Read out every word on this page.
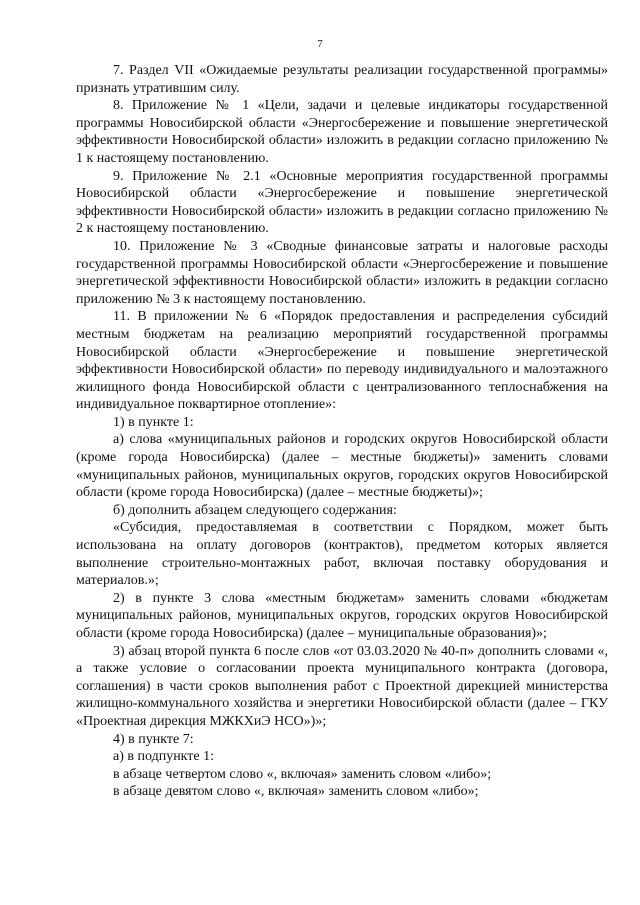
7

7. Раздел VII «Ожидаемые результаты реализации государственной программы» признать утратившим силу.

8. Приложение № 1 «Цели, задачи и целевые индикаторы государственной программы Новосибирской области «Энергосбережение и повышение энергетической эффективности Новосибирской области» изложить в редакции согласно приложению № 1 к настоящему постановлению.

9. Приложение № 2.1 «Основные мероприятия государственной программы Новосибирской области «Энергосбережение и повышение энергетической эффективности Новосибирской области» изложить в редакции согласно приложению № 2 к настоящему постановлению.

10. Приложение № 3 «Сводные финансовые затраты и налоговые расходы государственной программы Новосибирской области «Энергосбережение и повышение энергетической эффективности Новосибирской области» изложить в редакции согласно приложению № 3 к настоящему постановлению.

11. В приложении № 6 «Порядок предоставления и распределения субсидий местным бюджетам на реализацию мероприятий государственной программы Новосибирской области «Энергосбережение и повышение энергетической эффективности Новосибирской области» по переводу индивидуального и малоэтажного жилищного фонда Новосибирской области с централизованного теплоснабжения на индивидуальное поквартирное отопление»:

1) в пункте 1:

а) слова «муниципальных районов и городских округов Новосибирской области (кроме города Новосибирска) (далее – местные бюджеты)» заменить словами «муниципальных районов, муниципальных округов, городских округов Новосибирской области (кроме города Новосибирска) (далее – местные бюджеты)»;

б) дополнить абзацем следующего содержания:

«Субсидия, предоставляемая в соответствии с Порядком, может быть использована на оплату договоров (контрактов), предметом которых является выполнение строительно-монтажных работ, включая поставку оборудования и материалов.»;

2) в пункте 3 слова «местным бюджетам» заменить словами «бюджетам муниципальных районов, муниципальных округов, городских округов Новосибирской области (кроме города Новосибирска) (далее – муниципальные образования)»;

3) абзац второй пункта 6 после слов «от 03.03.2020 № 40-п» дополнить словами «, а также условие о согласовании проекта муниципального контракта (договора, соглашения) в части сроков выполнения работ с Проектной дирекцией министерства жилищно-коммунального хозяйства и энергетики Новосибирской области (далее – ГКУ «Проектная дирекция МЖКХиЭ НСО»)»;

4) в пункте 7:

а) в подпункте 1:

в абзаце четвертом слово «, включая» заменить словом «либо»;

в абзаце девятом слово «, включая» заменить словом «либо»;
